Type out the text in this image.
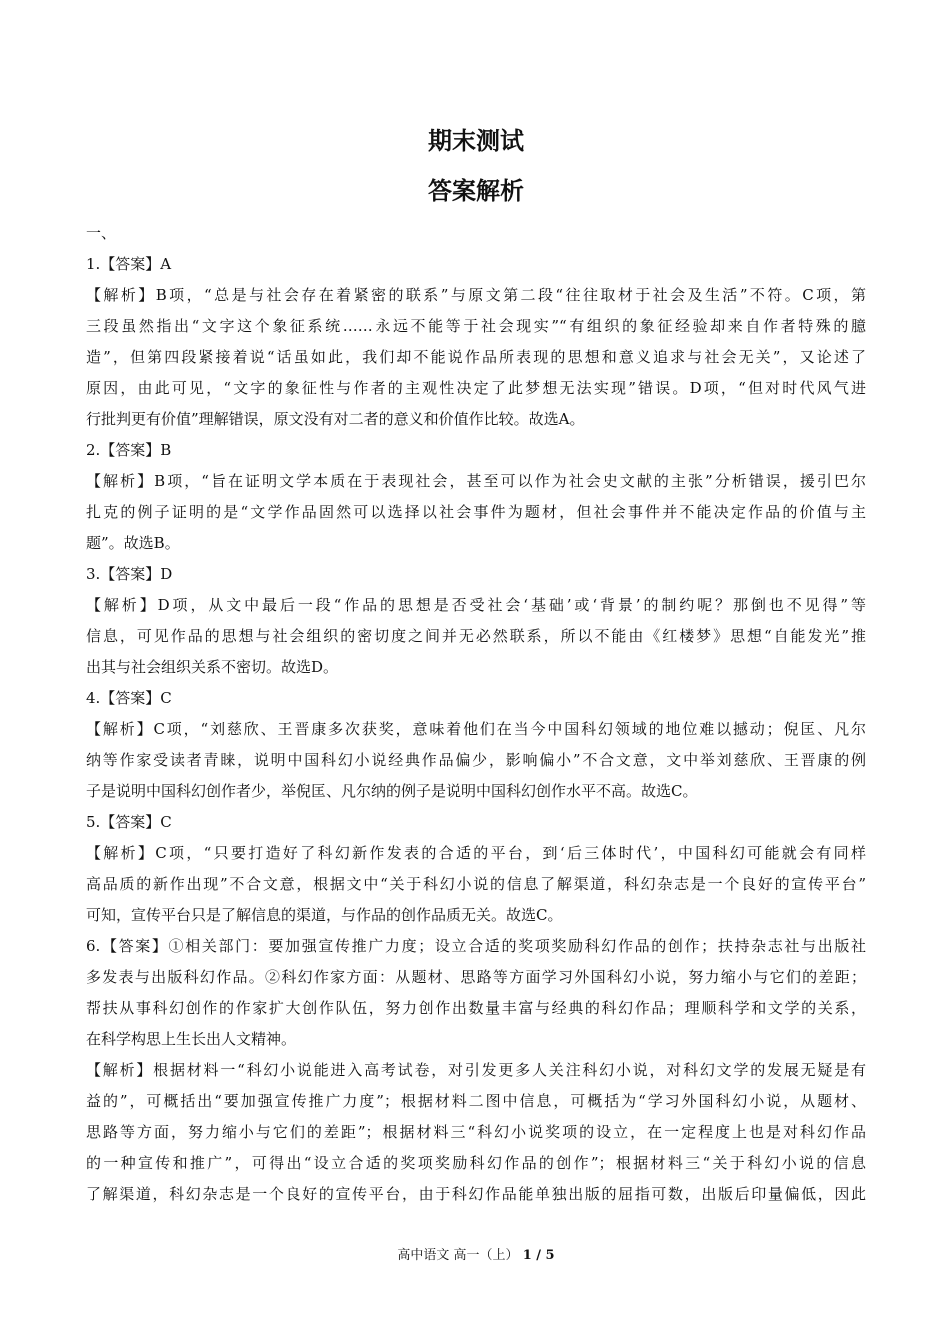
期末测试
答案解析
一、
1.【答案】A
【解析】B项，“总是与社会存在着紧密的联系”与原文第二段“往往取材于社会及生活”不符。C项，第
三段虽然指出“文字这个象征系统……永远不能等于社会现实”“有组织的象征经验却来自作者特殊的臆
造”，但第四段紧接着说“话虽如此，我们却不能说作品所表现的思想和意义追求与社会无关”，又论述了
原因，由此可见，“文字的象征性与作者的主观性决定了此梦想无法实现”错误。D项，“但对时代风气进
行批判更有价值”理解错误，原文没有对二者的意义和价值作比较。故选A。
2.【答案】B
【解析】B项，“旨在证明文学本质在于表现社会，甚至可以作为社会史文献的主张”分析错误，援引巴尔
扎克的例子证明的是“文学作品固然可以选择以社会事件为题材，但社会事件并不能决定作品的价值与主
题”。故选B。
3.【答案】D
【解析】D项，从文中最后一段“作品的思想是否受社会‘基础’或‘背景’的制约呢？那倒也不见得”等
信息，可见作品的思想与社会组织的密切度之间并无必然联系，所以不能由《红楼梦》思想“自能发光”推
出其与社会组织关系不密切。故选D。
4.【答案】C
【解析】C项，“刘慈欣、王晋康多次获奖，意味着他们在当今中国科幻领域的地位难以撼动；倪匡、凡尔
纳等作家受读者青睐，说明中国科幻小说经典作品偏少，影响偏小”不合文意，文中举刘慈欣、王晋康的例
子是说明中国科幻创作者少，举倪匡、凡尔纳的例子是说明中国科幻创作水平不高。故选C。
5.【答案】C
【解析】C项，“只要打造好了科幻新作发表的合适的平台，到‘后三体时代’，中国科幻可能就会有同样
高品质的新作出现”不合文意，根据文中“关于科幻小说的信息了解渠道，科幻杂志是一个良好的宣传平台”
可知，宣传平台只是了解信息的渠道，与作品的创作品质无关。故选C。
6.【答案】①相关部门：要加强宣传推广力度；设立合适的奖项奖励科幻作品的创作；扶持杂志社与出版社
多发表与出版科幻作品。②科幻作家方面：从题材、思路等方面学习外国科幻小说，努力缩小与它们的差距；
帮扶从事科幻创作的作家扩大创作队伍，努力创作出数量丰富与经典的科幻作品；理顺科学和文学的关系，
在科学构思上生长出人文精神。
【解析】根据材料一“科幻小说能进入高考试卷，对引发更多人关注科幻小说，对科幻文学的发展无疑是有
益的”，可概括出“要加强宣传推广力度”；根据材料二图中信息，可概括为“学习外国科幻小说，从题材、
思路等方面，努力缩小与它们的差距”；根据材料三“科幻小说奖项的设立，在一定程度上也是对科幻作品
的一种宣传和推广”，可得出“设立合适的奖项奖励科幻作品的创作”；根据材料三“关于科幻小说的信息
了解渠道，科幻杂志是一个良好的宣传平台，由于科幻作品能单独出版的屈指可数，出版后印量偏低，因此
高中语文 高一（上） 1 / 5
